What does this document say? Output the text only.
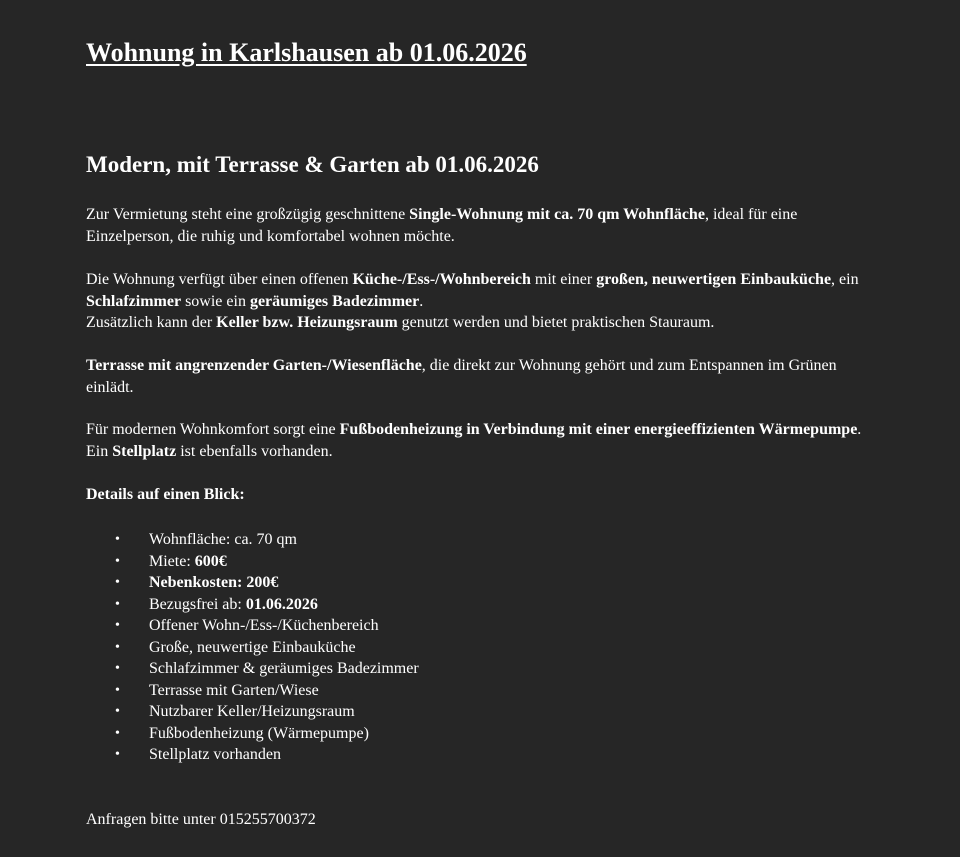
Wohnung in Karlshausen ab 01.06.2026
Modern, mit Terrasse & Garten ab 01.06.2026

Zur Vermietung steht eine großzügig geschnittene Single-Wohnung mit ca. 70 qm Wohnfläche, ideal für eine Einzelperson, die ruhig und komfortabel wohnen möchte.

Die Wohnung verfügt über einen offenen Küche-/Ess-/Wohnbereich mit einer großen, neuwertigen Einbauküche, ein Schlafzimmer sowie ein geräumiges Badezimmer.
Zusätzlich kann der Keller bzw. Heizungsraum genutzt werden und bietet praktischen Stauraum.

Terrasse mit angrenzender Garten-/Wiesenfläche, die direkt zur Wohnung gehört und zum Entspannen im Grünen einlädt.

Für modernen Wohnkomfort sorgt eine Fußbodenheizung in Verbindung mit einer energieeffizienten Wärmepumpe. Ein Stellplatz ist ebenfalls vorhanden.

Details auf einen Blick:

• Wohnfläche: ca. 70 qm
• Miete: 600€
• Nebenkosten: 200€
• Bezugsfrei ab: 01.06.2026
• Offener Wohn-/Ess-/Küchenbereich
• Große, neuwertige Einbauküche
• Schlafzimmer & geräumiges Badezimmer
• Terrasse mit Garten/Wiese
• Nutzbarer Keller/Heizungsraum
• Fußbodenheizung (Wärmepumpe)
• Stellplatz vorhanden

Anfragen bitte unter 015255700372
